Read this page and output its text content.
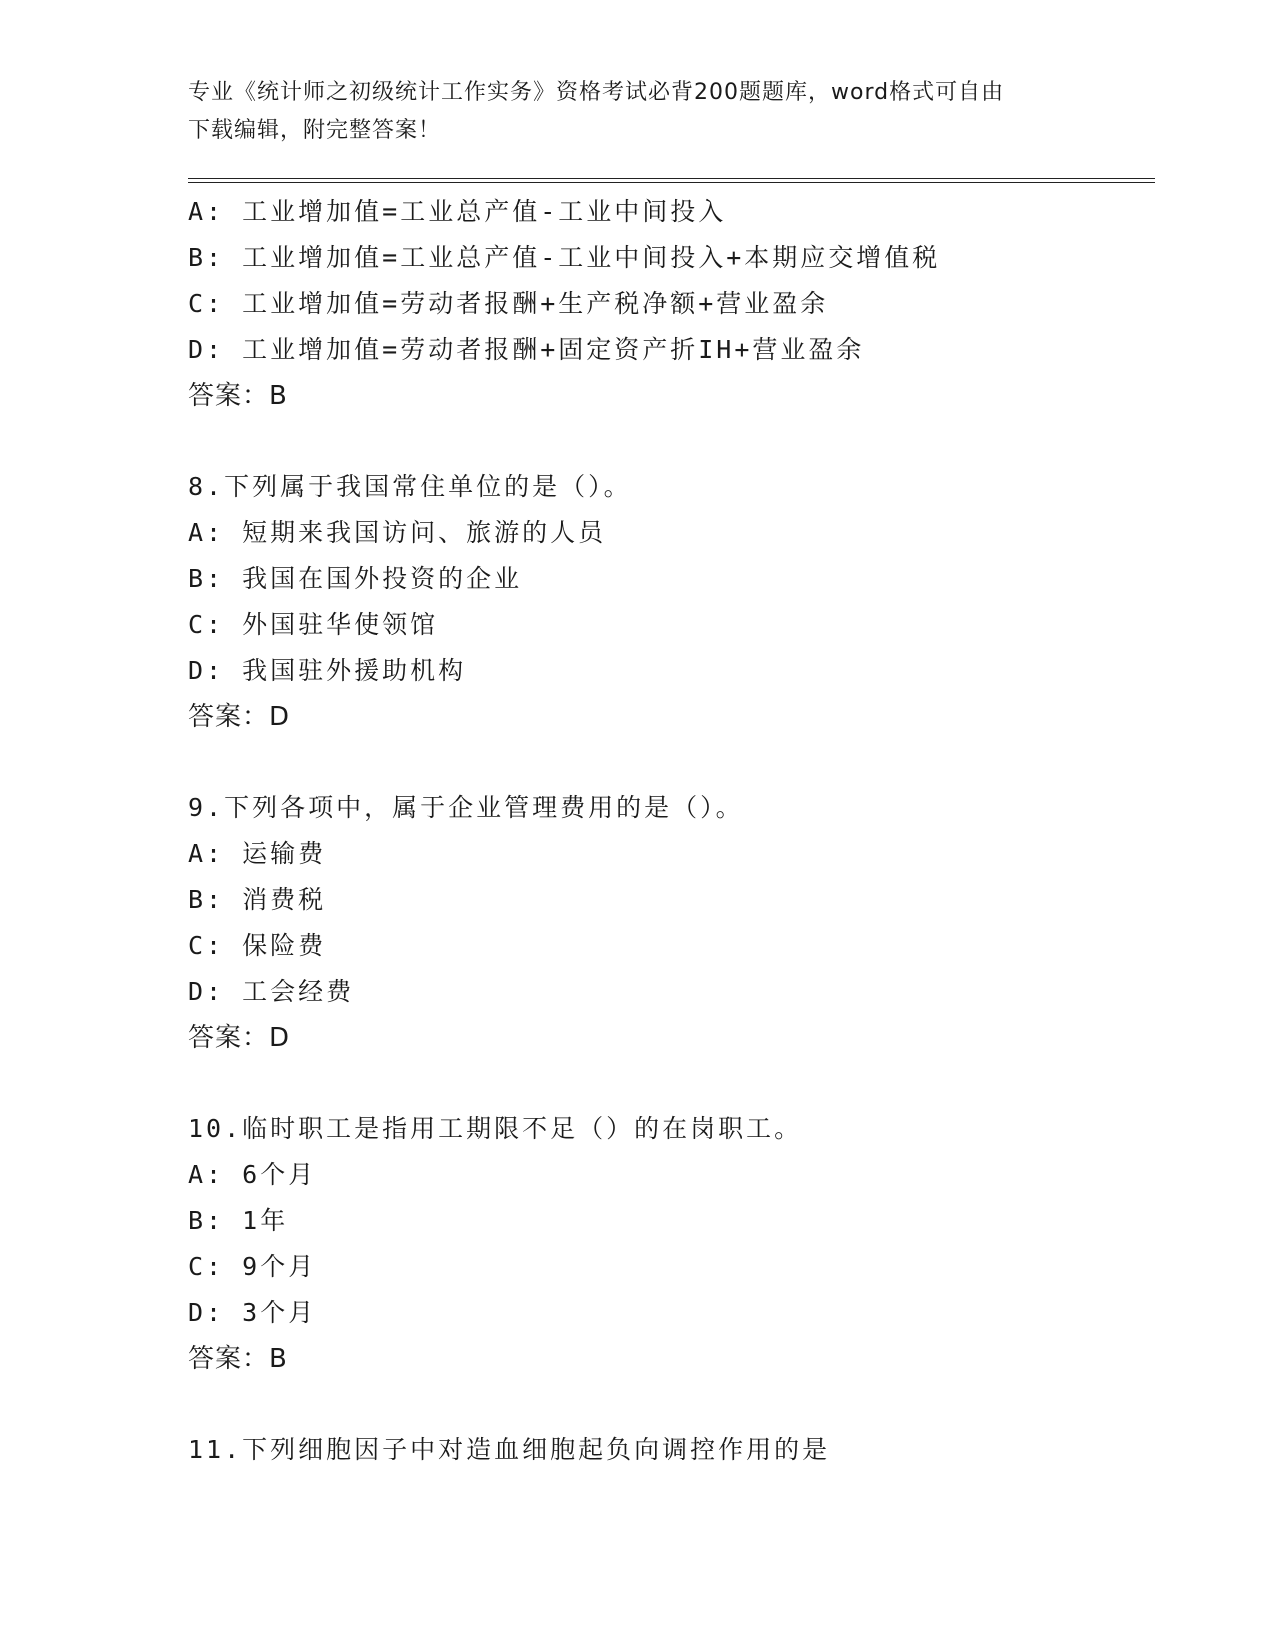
专业《统计师之初级统计工作实务》资格考试必背200题题库，word格式可自由
下载编辑，附完整答案！
A: 工业增加值=工业总产值-工业中间投入
B: 工业增加值=工业总产值-工业中间投入+本期应交增值税
C: 工业增加值=劳动者报酬+生产税净额+营业盈余
D: 工业增加值=劳动者报酬+固定资产折IH+营业盈余
答案：B
8.下列属于我国常住单位的是（）。
A: 短期来我国访问、旅游的人员
B: 我国在国外投资的企业
C: 外国驻华使领馆
D: 我国驻外援助机构
答案：D
9.下列各项中，属于企业管理费用的是（）。
A: 运输费
B: 消费税
C: 保险费
D: 工会经费
答案：D
10.临时职工是指用工期限不足（）的在岗职工。
A: 6个月
B: 1年
C: 9个月
D: 3个月
答案：B
11.下列细胞因子中对造血细胞起负向调控作用的是
